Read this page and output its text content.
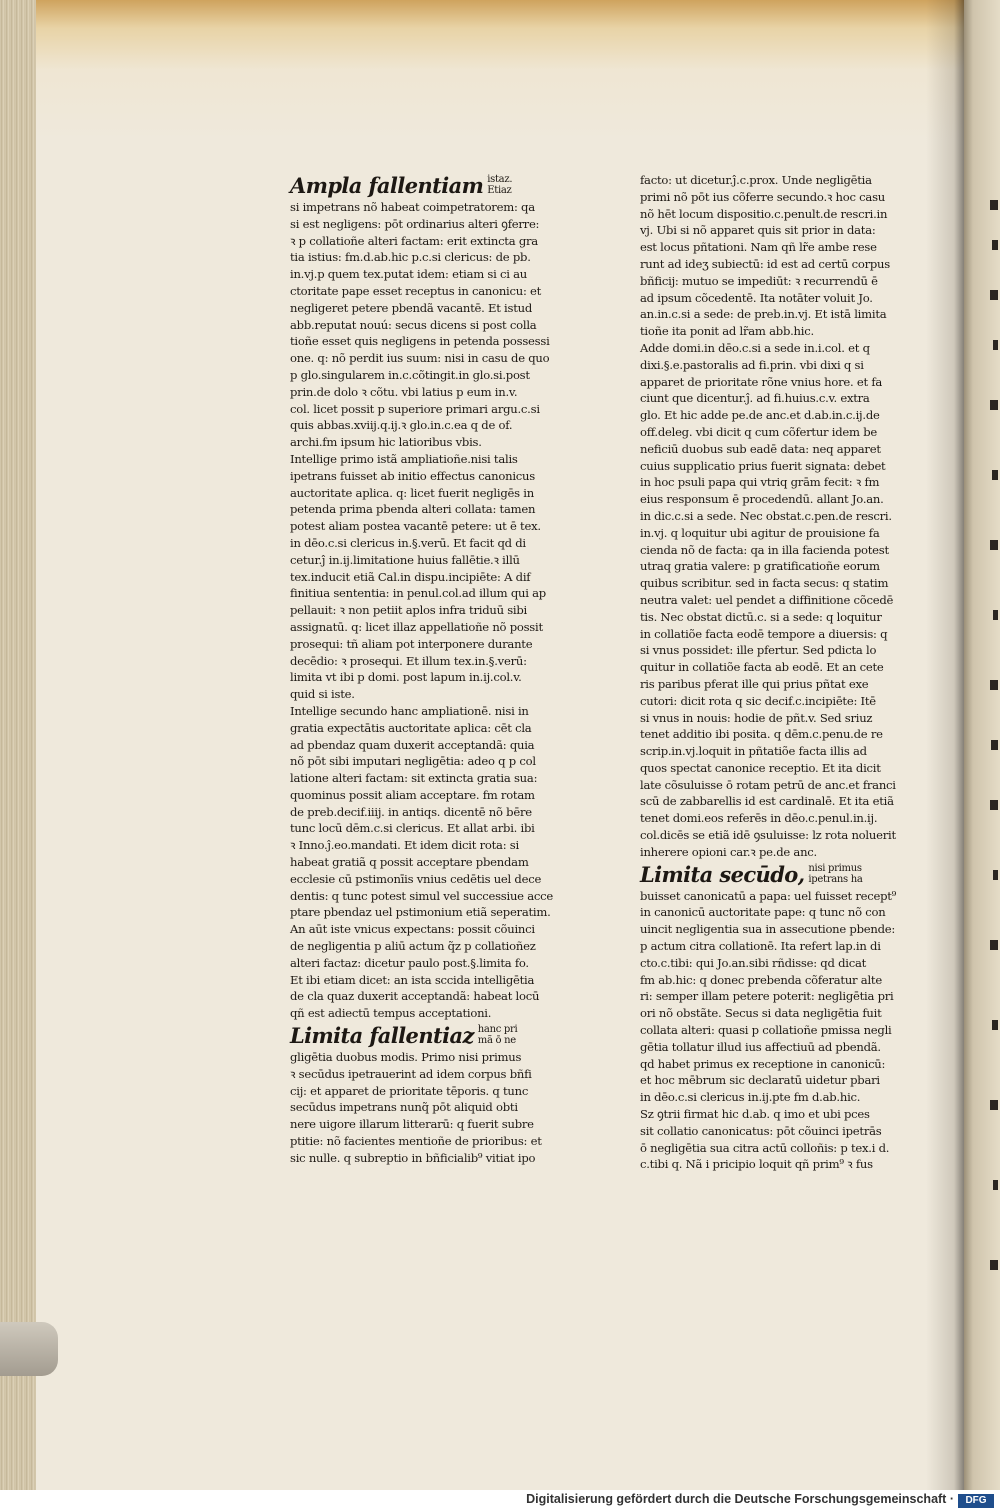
Ampla fallentiam istaz.
Etiaz

si impetrans nõ habeat coimpetratorem: qa

si est negligens: pōt ordinarius alteri ꝯferre:

ꝛ p collatioñe alteri factam: erit extincta gra

tia istius: fm.d.ab.hic p.c.si clericus: de pb.

in.vj.p quem tex.putat idem: etiam si ci au

ctoritate pape esset receptus in canonicu: et

negligeret petere pbendã vacantē. Et istud

abb.reputat nouú: secus dicens si post colla

tioñe esset quis negligens in petenda possessi

one. q: nõ perdit ius suum: nisi in casu de quo

p glo.singularem in.c.cõtingit.in glo.si.post

prin.de dolo ꝛ cõtu. vbi latius p eum in.v.

col. licet possit p superiore primari argu.c.si

quis abbas.xviij.q.ij.ꝛ glo.in.c.ea q de of.

archi.fm ipsum hic latioribus vbis.

Intellige primo istã ampliatioñe.nisi talis

ipetrans fuisset ab initio effectus canonicus

auctoritate aplica. q: licet fuerit negligēs in

petenda prima pbenda alteri collata: tamen

potest aliam postea vacantē petere: ut ē tex.

in dēo.c.si clericus in.§.verū. Et facit qd di

cetur.ĵ in.ij.limitatione huius fallētie.ꝛ illū

tex.inducit etiã Cal.in dispu.incipiēte: A dif

finitiua sententia: in penul.col.ad illum qui ap

pellauit: ꝛ non petiit aplos infra triduū sibi

assignatū. q: licet illaz appellatioñe nõ possit

prosequi: tñ aliam pot interponere durante

decēdio: ꝛ prosequi. Et illum tex.in.§.verū:

limita vt ibi p domi. post lapum in.ij.col.v.

quid si iste.

Intellige secundo hanc ampliationē. nisi in

gratia expectātis auctoritate aplica: cēt cla

ad pbendaz quam duxerit acceptandã: quia

nõ pōt sibi imputari negligētia: adeo q p col

latione alteri factam: sit extincta gratia sua:

quominus possit aliam acceptare. fm rotam

de preb.decif.iiij. in antiqs. dicentē nõ bēre

tunc locū dēm.c.si clericus. Et allat arbi. ibi

ꝛ Inno.ĵ.eo.mandati. Et idem dicit rota: si

habeat gratiã q possit acceptare pbendam

ecclesie cū pstimonīis vnius cedētis uel dece

dentis: q tunc potest simul vel successiue acce

ptare pbendaz uel pstimonium etiã seperatim.

An aūt iste vnicus expectans: possit cõuinci

de negligentia p aliū actum q̃z p collatioñez

alteri factaz: dicetur paulo post.§.limita fo.

Et ibi etiam dicet: an ista sccida intelligētia

de cla quaz duxerit acceptandã: habeat locū

qñ est adiectū tempus acceptationi.

Limita fallentiaz hanc pri
mã ō ne

gligētia duobus modis. Primo nisi primus

ꝛ secūdus ipetrauerint ad idem corpus bñfi

cij: et apparet de prioritate tēporis. q tunc

secūdus impetrans nunq̃ pōt aliquid obti

nere uigore illarum litterarū: q fuerit subre

ptitie: nõ facientes mentioñe de prioribus: et

sic nulle. q subreptio in bñficialib⁹ vitiat ipo

facto: ut dicetur.ĵ.c.prox. Unde negligētia

primi nõ pōt ius cõferre secundo.ꝛ hoc casu

nõ hēt locum dispositio.c.penult.de rescri.in

vj. Ubi si nõ apparet quis sit prior in data:

est locus pñtationi. Nam qñ lr̃e ambe rese

runt ad ideʒ subiectū: id est ad certū corpus

bñficij: mutuo se impediūt: ꝛ recurrendū ē

ad ipsum cõcedentē. Ita notāter voluit Jo.

an.in.c.si a sede: de preb.in.vj. Et istā limita

tioñe ita ponit ad lr̃am abb.hic.

Adde domi.in dēo.c.si a sede in.i.col. et q

dixi.§.e.pastoralis ad fi.prin. vbi dixi q si

apparet de prioritate rõne vnius hore. et fa

ciunt que dicentur.ĵ. ad fi.huius.c.v. extra

glo. Et hic adde pe.de anc.et d.ab.in.c.ij.de

off.deleg. vbi dicit q cum cõfertur idem be

neficiū duobus sub eadē data: neq apparet

cuius supplicatio prius fuerit signata: debet

in hoc psuli papa qui vtriq grām fecit: ꝛ fm

eius responsum ē procedendū. allant Jo.an.

in dic.c.si a sede. Nec obstat.c.pen.de rescri.

in.vj. q loquitur ubi agitur de prouisione fa

cienda nõ de facta: qa in illa facienda potest

utraq gratia valere: p gratificatioñe eorum

quibus scribitur. sed in facta secus: q statim

neutra valet: uel pendet a diffinitione cõcedē

tis. Nec obstat dictū.c. si a sede: q loquitur

in collatiõe facta eodē tempore a diuersis: q

si vnus possidet: ille pfertur. Sed pdicta lo

quitur in collatiõe facta ab eodē. Et an cete

ris paribus pferat ille qui prius pñtat exe

cutori: dicit rota q sic decif.c.incipiēte: Itē

si vnus in nouis: hodie de pñt.v. Sed sriuz

tenet additio ibi posita. q dēm.c.penu.de re

scrip.in.vj.loquit in pñtatiõe facta illis ad

quos spectat canonice receptio. Et ita dicit

late cõsuluisse ō rotam petrū de anc.et franci

scū de zabbarellis id est cardinalē. Et ita etiã

tenet domi.eos referēs in dēo.c.penul.in.ij.

col.dicēs se etiã idē ꝯsuluisse: lz rota noluerit

inherere opioni car.ꝛ pe.de anc.

Limita secūdo, nisi primus
ipetrans ha

buisset canonicatū a papa: uel fuisset recept⁹

in canonicū auctoritate pape: q tunc nõ con

uincit negligentia sua in assecutione pbende:

p actum citra collationē. Ita refert lap.in di

cto.c.tibi: qui Jo.an.sibi rñdisse: qd dicat

fm ab.hic: q donec prebenda cõferatur alte

ri: semper illam petere poterit: negligētia pri

ori nõ obstãte. Secus si data negligētia fuit

collata alteri: quasi p collatioñe pmissa negli

gētia tollatur illud ius affectiuū ad pbendã.

qd habet primus ex receptione in canonicū:

et hoc mēbrum sic declaratū uidetur pbari

in dēo.c.si clericus in.ij.pte fm d.ab.hic.

Sz ꝯtrii firmat hic d.ab. q imo et ubi pces

sit collatio canonicatus: pōt cõuinci ipetrās

ō negligētia sua citra actū colloñis: p tex.i d.

c.tibi q. Nã i pricipio loquit qñ prim⁹ ꝛ fus

Digitalisierung gefördert durch die Deutsche Forschungsgemeinschaft ·	DFG
